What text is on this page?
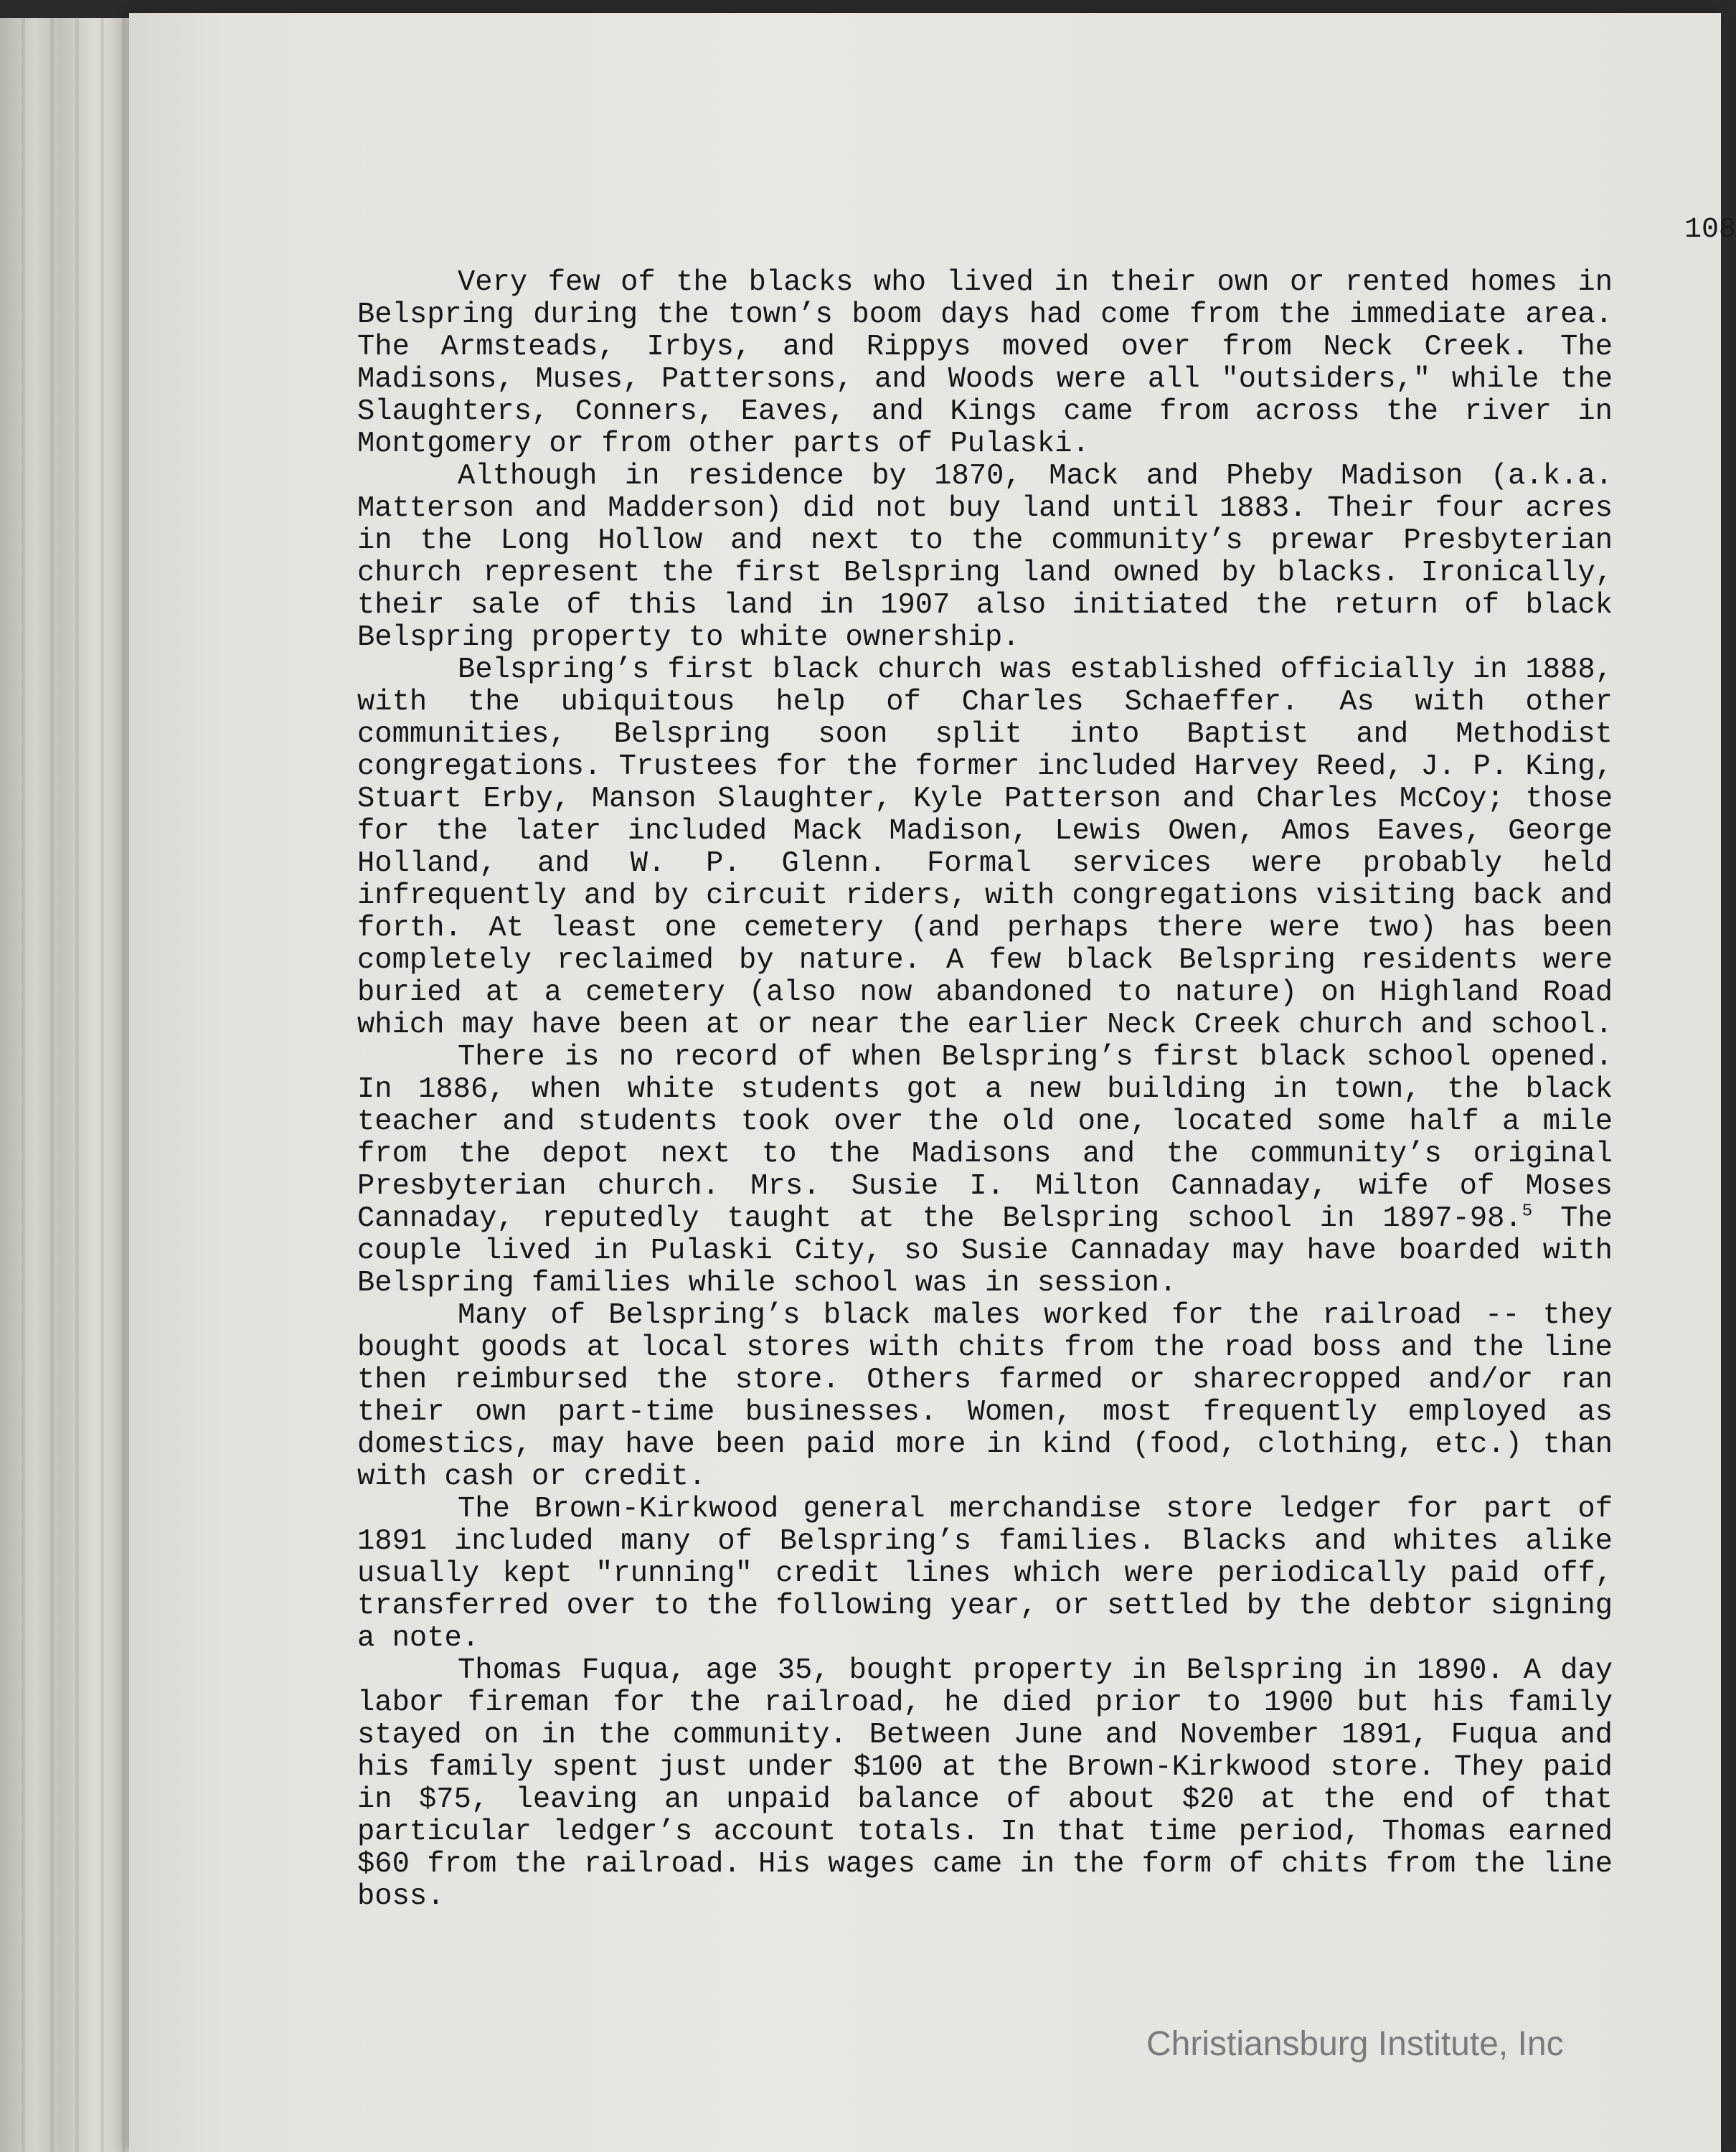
108

Very few of the blacks who lived in their own or rented homes in Belspring during the town’s boom days had come from the immediate area. The Armsteads, Irbys, and Rippys moved over from Neck Creek. The Madisons, Muses, Pattersons, and Woods were all "outsiders," while the Slaughters, Conners, Eaves, and Kings came from across the river in Montgomery or from other parts of Pulaski.

Although in residence by 1870, Mack and Pheby Madison (a.k.a. Matterson and Madderson) did not buy land until 1883. Their four acres in the Long Hollow and next to the community’s prewar Presbyterian church represent the first Belspring land owned by blacks. Ironically, their sale of this land in 1907 also initiated the return of black Belspring property to white ownership.

Belspring’s first black church was established officially in 1888, with the ubiquitous help of Charles Schaeffer. As with other communities, Belspring soon split into Baptist and Methodist congregations. Trustees for the former included Harvey Reed, J. P. King, Stuart Erby, Manson Slaughter, Kyle Patterson and Charles McCoy; those for the later included Mack Madison, Lewis Owen, Amos Eaves, George Holland, and W. P. Glenn. Formal services were probably held infrequently and by circuit riders, with congregations visiting back and forth. At least one cemetery (and perhaps there were two) has been completely reclaimed by nature. A few black Belspring residents were buried at a cemetery (also now abandoned to nature) on Highland Road which may have been at or near the earlier Neck Creek church and school.

There is no record of when Belspring’s first black school opened. In 1886, when white students got a new building in town, the black teacher and students took over the old one, located some half a mile from the depot next to the Madisons and the community’s original Presbyterian church. Mrs. Susie I. Milton Cannaday, wife of Moses Cannaday, reputedly taught at the Belspring school in 1897-98.$^5$ The couple lived in Pulaski City, so Susie Cannaday may have boarded with Belspring families while school was in session.

Many of Belspring’s black males worked for the railroad -- they bought goods at local stores with chits from the road boss and the line then reimbursed the store. Others farmed or sharecropped and/or ran their own part-time businesses. Women, most frequently employed as domestics, may have been paid more in kind (food, clothing, etc.) than with cash or credit.

The Brown-Kirkwood general merchandise store ledger for part of 1891 included many of Belspring’s families. Blacks and whites alike usually kept "running" credit lines which were periodically paid off, transferred over to the following year, or settled by the debtor signing a note.

Thomas Fuqua, age 35, bought property in Belspring in 1890. A day labor fireman for the railroad, he died prior to 1900 but his family stayed on in the community. Between June and November 1891, Fuqua and his family spent just under $100 at the Brown-Kirkwood store. They paid in $75, leaving an unpaid balance of about $20 at the end of that particular ledger’s account totals. In that time period, Thomas earned $60 from the railroad. His wages came in the form of chits from the line boss.

Christiansburg Institute, Inc
